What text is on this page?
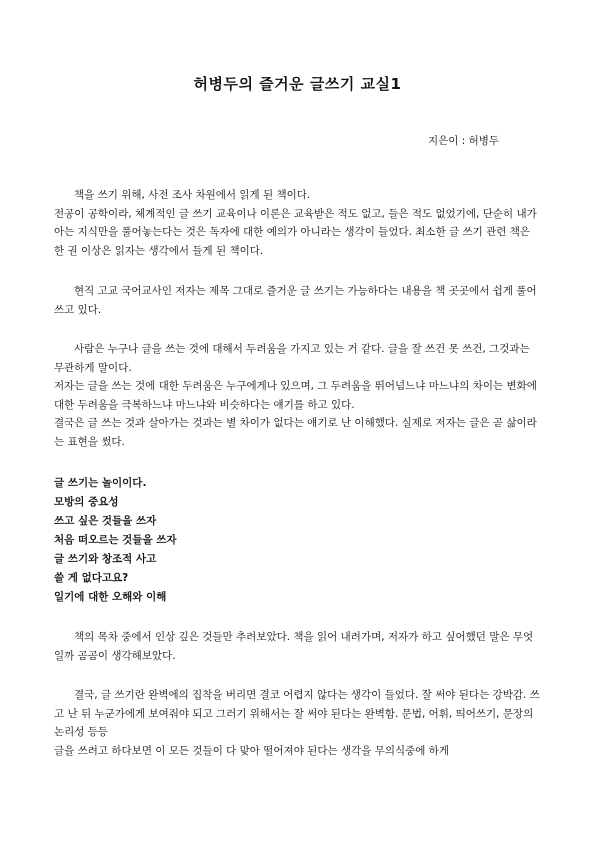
허병두의 즐거운 글쓰기 교실1
지은이 : 허병두

책을 쓰기 위해, 사전 조사 차원에서 읽게 된 책이다.

전공이 공학이라, 체계적인 글 쓰기 교육이나 이론은 교육받은 적도 없고, 들은 적도 없었기에, 단순히 내가 아는 지식만을 풀어놓는다는 것은 독자에 대한 예의가 아니라는 생각이 들었다. 최소한 글 쓰기 관련 책은 한 권 이상은 읽자는 생각에서 들게 된 책이다.

현직 고교 국어교사인 저자는 제목 그대로 즐거운 글 쓰기는 가능하다는 내용을 책 곳곳에서 쉽게 풀어쓰고 있다.

사람은 누구나 글을 쓰는 것에 대해서 두려움을 가지고 있는 거 같다. 글을 잘 쓰건 못 쓰건, 그것과는 무관하게 말이다.

저자는 글을 쓰는 것에 대한 두려움은 누구에게나 있으며, 그 두려움을 뛰어넘느냐 마느냐의 차이는 변화에 대한 두려움을 극복하느냐 마느냐와 비슷하다는 얘기를 하고 있다.

결국은 글 쓰는 것과 살아가는 것과는 별 차이가 없다는 얘기로 난 이해했다. 실제로 저자는 글은 곧 삶이라는 표현을 썼다.

글 쓰기는 놀이이다.
모방의 중요성
쓰고 싶은 것들을 쓰자
처음 떠오르는 것들을 쓰자
글 쓰기와 창조적 사고
쓸 게 없다고요?
일기에 대한 오해와 이해

책의 목차 중에서 인상 깊은 것들만 추려보았다. 책을 읽어 내려가며, 저자가 하고 싶어했던 말은 무엇일까 곰곰이 생각해보았다.

결국, 글 쓰기란 완벽에의 집착을 버리면 결코 어렵지 않다는 생각이 들었다. 잘 써야 된다는 강박감. 쓰고 난 뒤 누군가에게 보여줘야 되고 그러기 위해서는 잘 써야 된다는 완벽함. 문법, 어휘, 띄어쓰기, 문장의 논리성 등등

글을 쓰려고 하다보면 이 모든 것들이 다 맞아 떨어져야 된다는 생각을 무의식중에 하게
